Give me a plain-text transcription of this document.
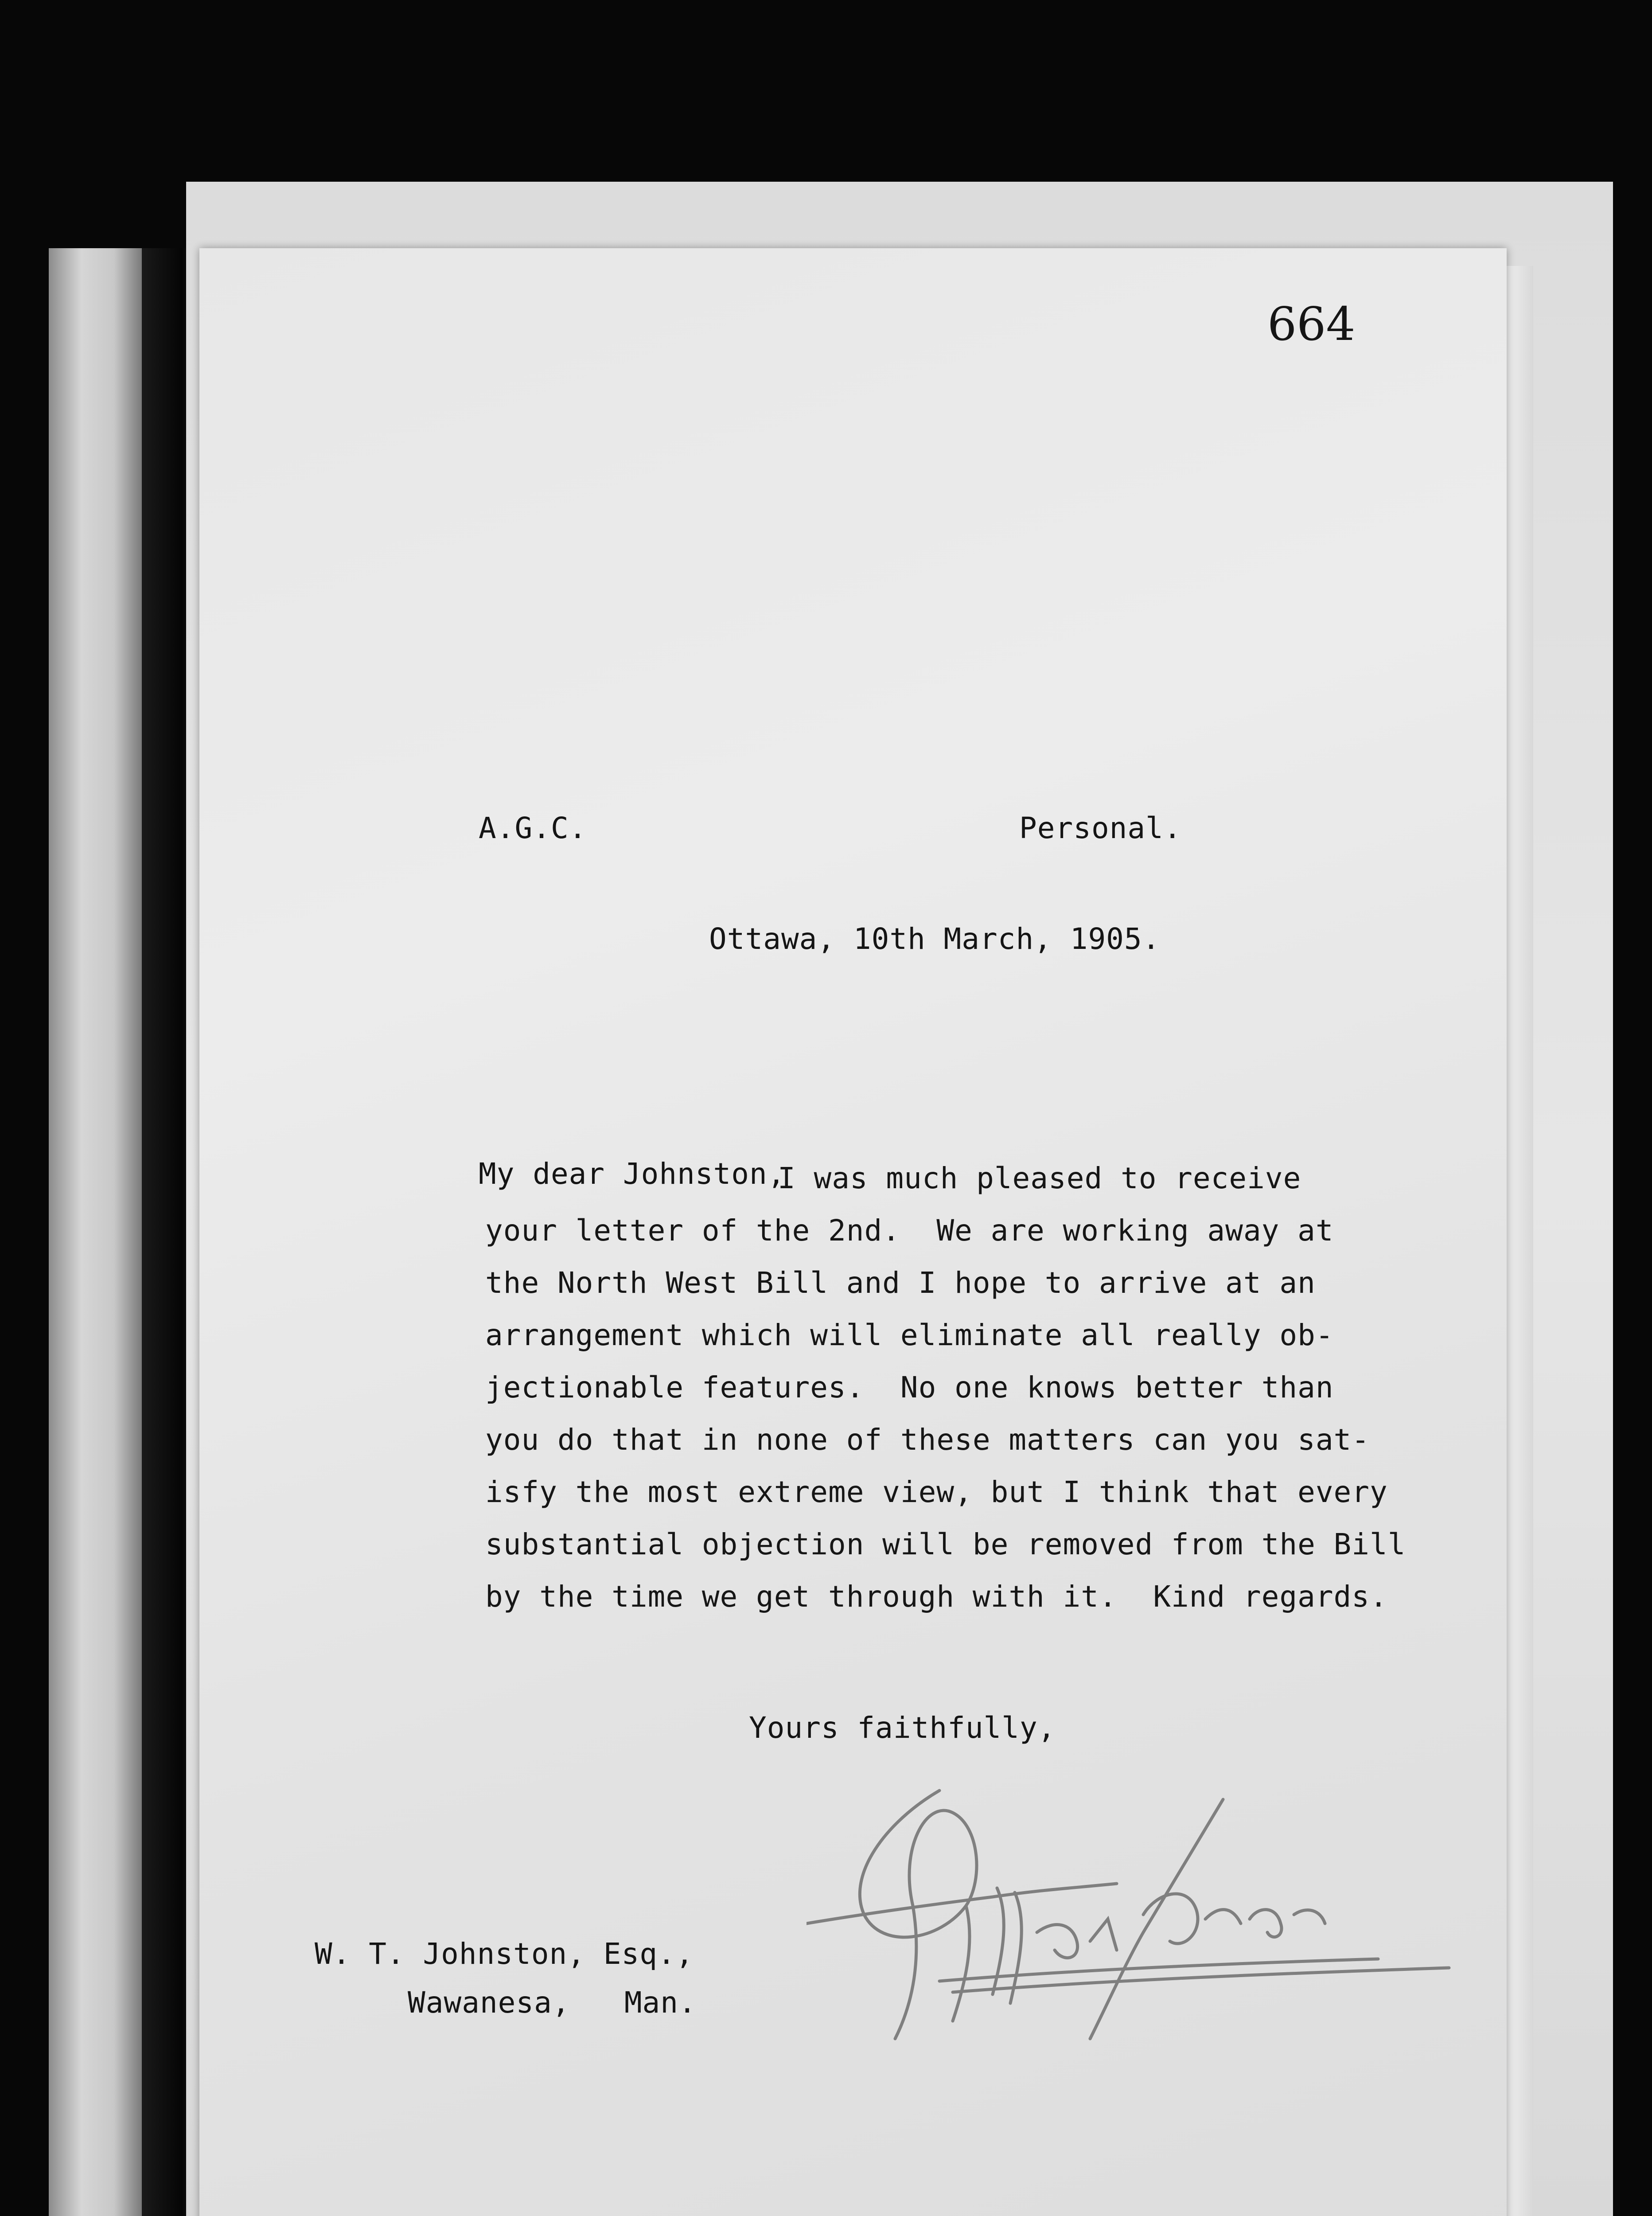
664
A.G.C.	Personal.
Ottawa, 10th March, 1905.
My dear Johnston,
I was much pleased to receive
your letter of the 2nd.  We are working away at
the North West Bill and I hope to arrive at an
arrangement which will eliminate all really ob-
jectionable features.  No one knows better than
you do that in none of these matters can you sat-
isfy the most extreme view, but I think that every
substantial objection will be removed from the Bill
by the time we get through with it.  Kind regards.
Yours faithfully,
W. T. Johnston, Esq.,
Wawanesa,   Man.
